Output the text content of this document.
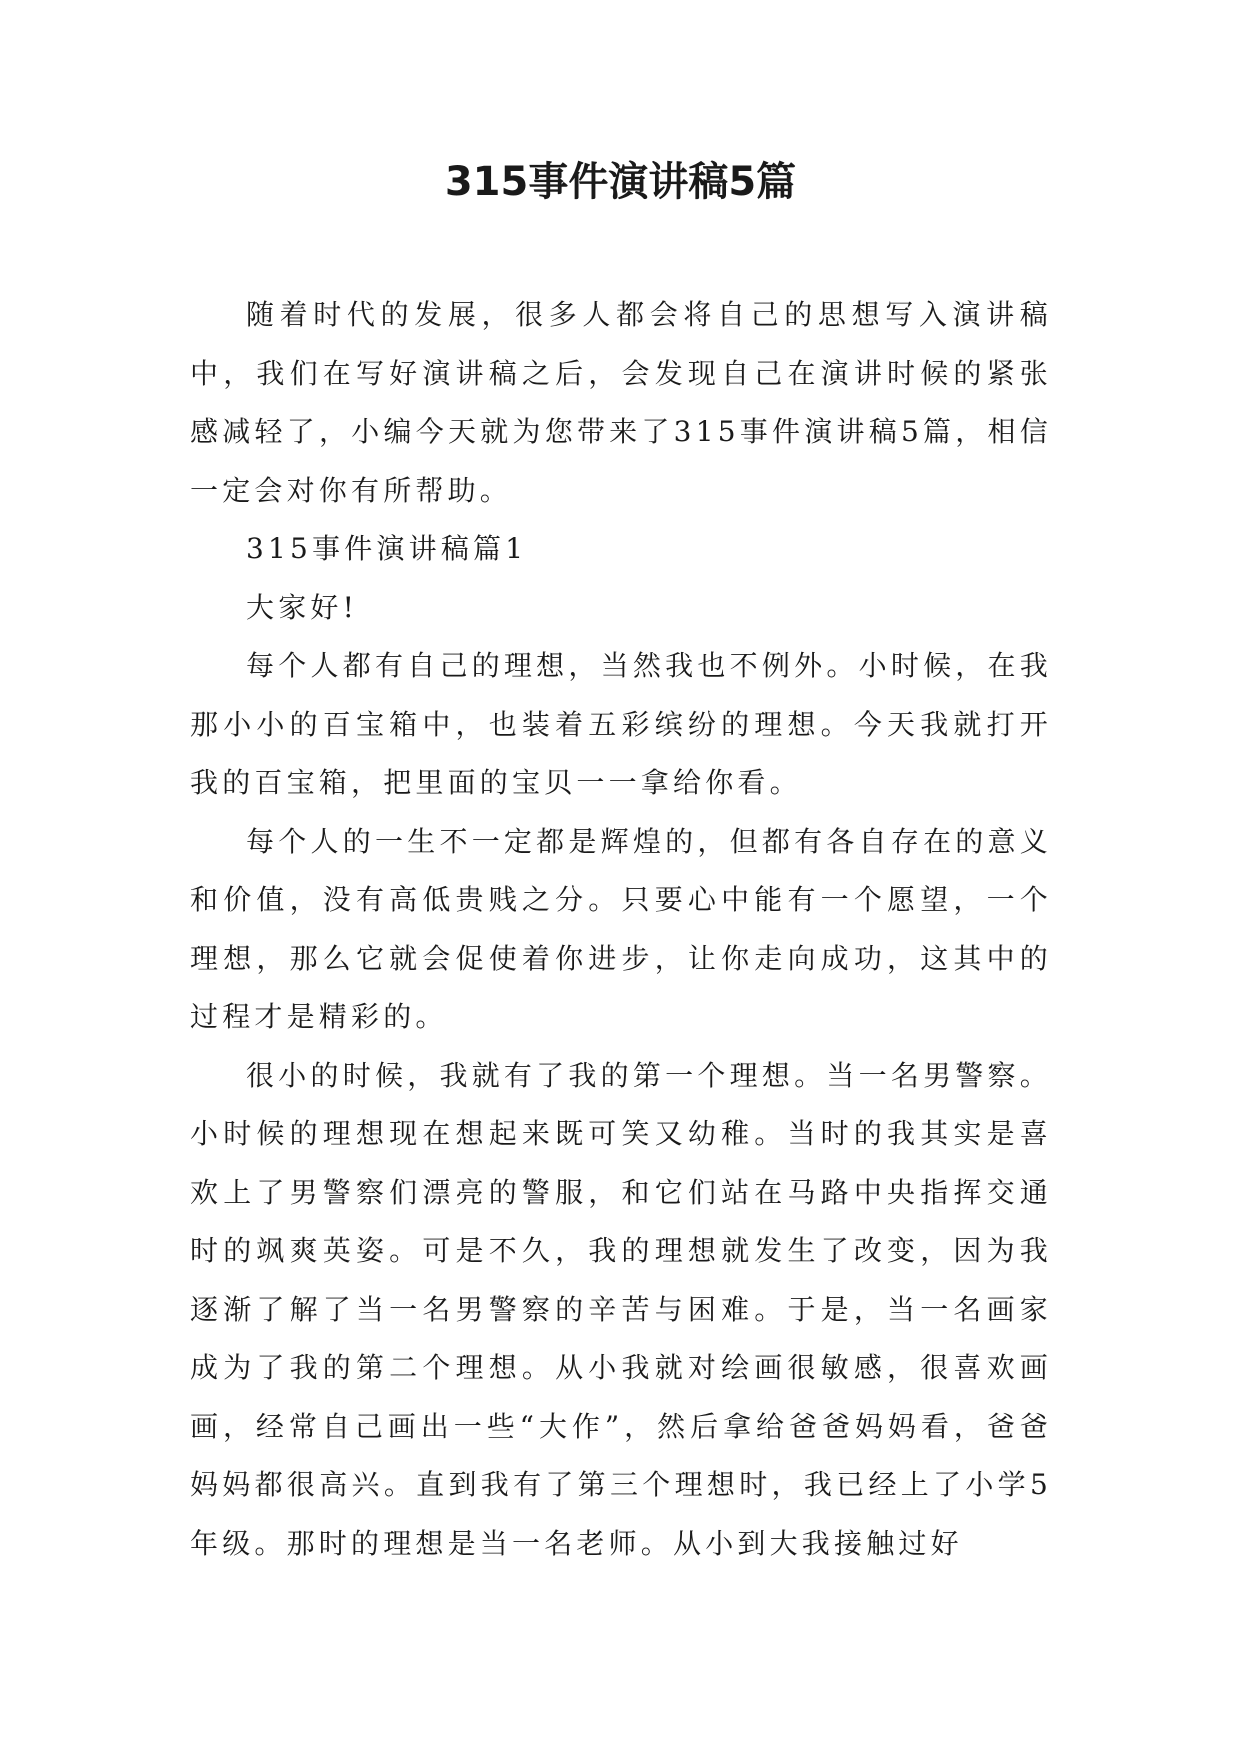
315事件演讲稿5篇

随着时代的发展，很多人都会将自己的思想写入演讲稿中，我们在写好演讲稿之后，会发现自己在演讲时候的紧张感减轻了，小编今天就为您带来了315事件演讲稿5篇，相信一定会对你有所帮助。

315事件演讲稿篇1

大家好!

每个人都有自己的理想，当然我也不例外。小时候，在我那小小的百宝箱中，也装着五彩缤纷的理想。今天我就打开我的百宝箱，把里面的宝贝一一拿给你看。

每个人的一生不一定都是辉煌的，但都有各自存在的意义和价值，没有高低贵贱之分。只要心中能有一个愿望，一个理想，那么它就会促使着你进步，让你走向成功，这其中的过程才是精彩的。

很小的时候，我就有了我的第一个理想。当一名男警察。小时候的理想现在想起来既可笑又幼稚。当时的我其实是喜欢上了男警察们漂亮的警服，和它们站在马路中央指挥交通时的飒爽英姿。可是不久，我的理想就发生了改变，因为我逐渐了解了当一名男警察的辛苦与困难。于是，当一名画家成为了我的第二个理想。从小我就对绘画很敏感，很喜欢画画，经常自己画出一些“大作”，然后拿给爸爸妈妈看，爸爸妈妈都很高兴。直到我有了第三个理想时，我已经上了小学5年级。那时的理想是当一名老师。从小到大我接触过好
